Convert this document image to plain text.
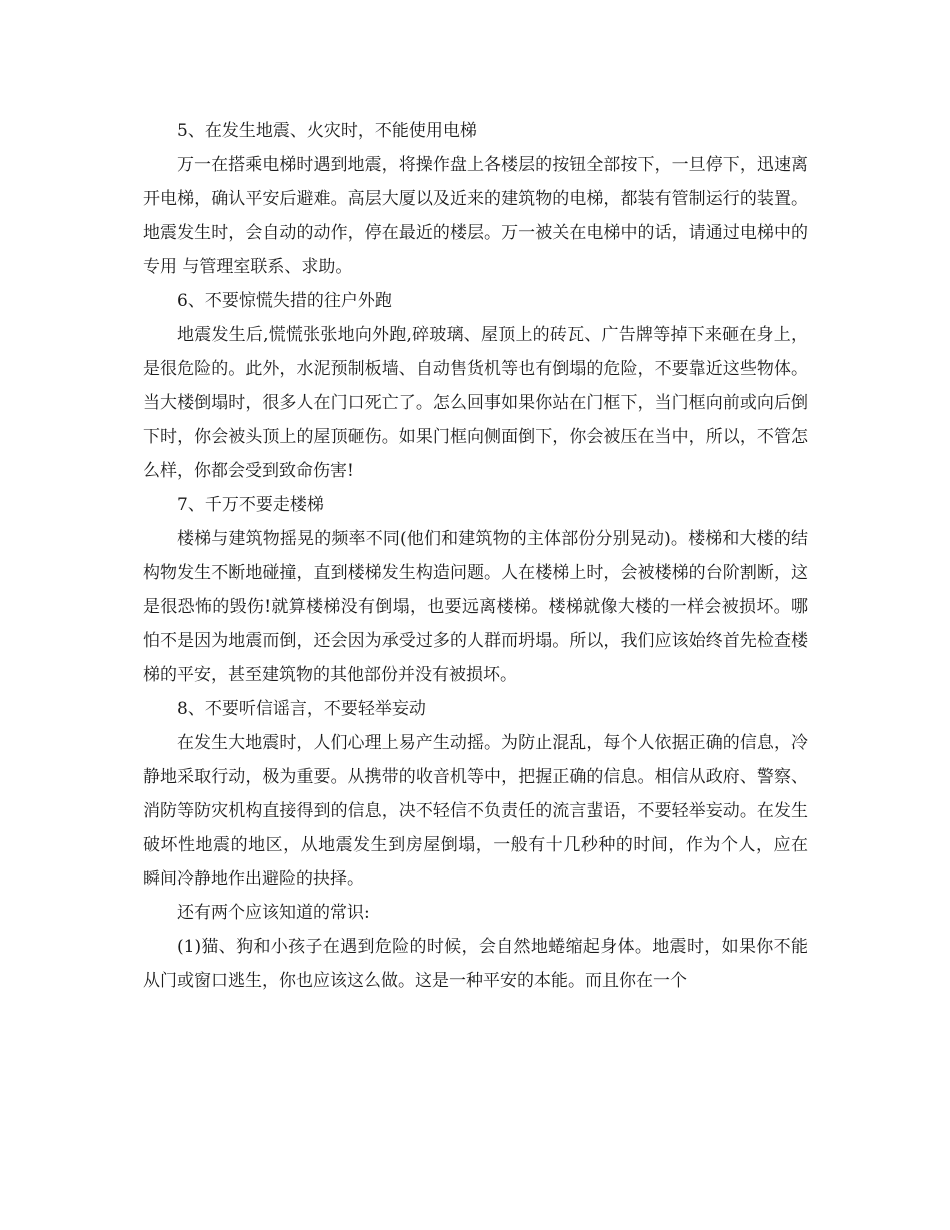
5、在发生地震、火灾时，不能使用电梯

万一在搭乘电梯时遇到地震，将操作盘上各楼层的按钮全部按下，一旦停下，迅速离开电梯，确认平安后避难。高层大厦以及近来的建筑物的电梯，都装有管制运行的装置。地震发生时，会自动的动作，停在最近的楼层。万一被关在电梯中的话，请通过电梯中的专用 与管理室联系、求助。

6、不要惊慌失措的往户外跑

地震发生后,慌慌张张地向外跑,碎玻璃、屋顶上的砖瓦、广告牌等掉下来砸在身上，是很危险的。此外，水泥预制板墙、自动售货机等也有倒塌的危险，不要靠近这些物体。当大楼倒塌时，很多人在门口死亡了。怎么回事如果你站在门框下，当门框向前或向后倒下时，你会被头顶上的屋顶砸伤。如果门框向侧面倒下，你会被压在当中，所以，不管怎么样，你都会受到致命伤害!

7、千万不要走楼梯

楼梯与建筑物摇晃的频率不同(他们和建筑物的主体部份分别晃动)。楼梯和大楼的结构物发生不断地碰撞，直到楼梯发生构造问题。人在楼梯上时，会被楼梯的台阶割断，这是很恐怖的毁伤!就算楼梯没有倒塌，也要远离楼梯。楼梯就像大楼的一样会被损坏。哪怕不是因为地震而倒，还会因为承受过多的人群而坍塌。所以，我们应该始终首先检查楼梯的平安，甚至建筑物的其他部份并没有被损坏。

8、不要听信谣言，不要轻举妄动

在发生大地震时，人们心理上易产生动摇。为防止混乱，每个人依据正确的信息，冷静地采取行动，极为重要。从携带的收音机等中，把握正确的信息。相信从政府、警察、消防等防灾机构直接得到的信息，决不轻信不负责任的流言蜚语，不要轻举妄动。在发生破坏性地震的地区，从地震发生到房屋倒塌，一般有十几秒种的时间，作为个人，应在 瞬间冷静地作出避险的抉择。

还有两个应该知道的常识:

(1)猫、狗和小孩子在遇到危险的时候，会自然地蜷缩起身体。地震时，如果你不能从门或窗口逃生，你也应该这么做。这是一种平安的本能。而且你在一个
